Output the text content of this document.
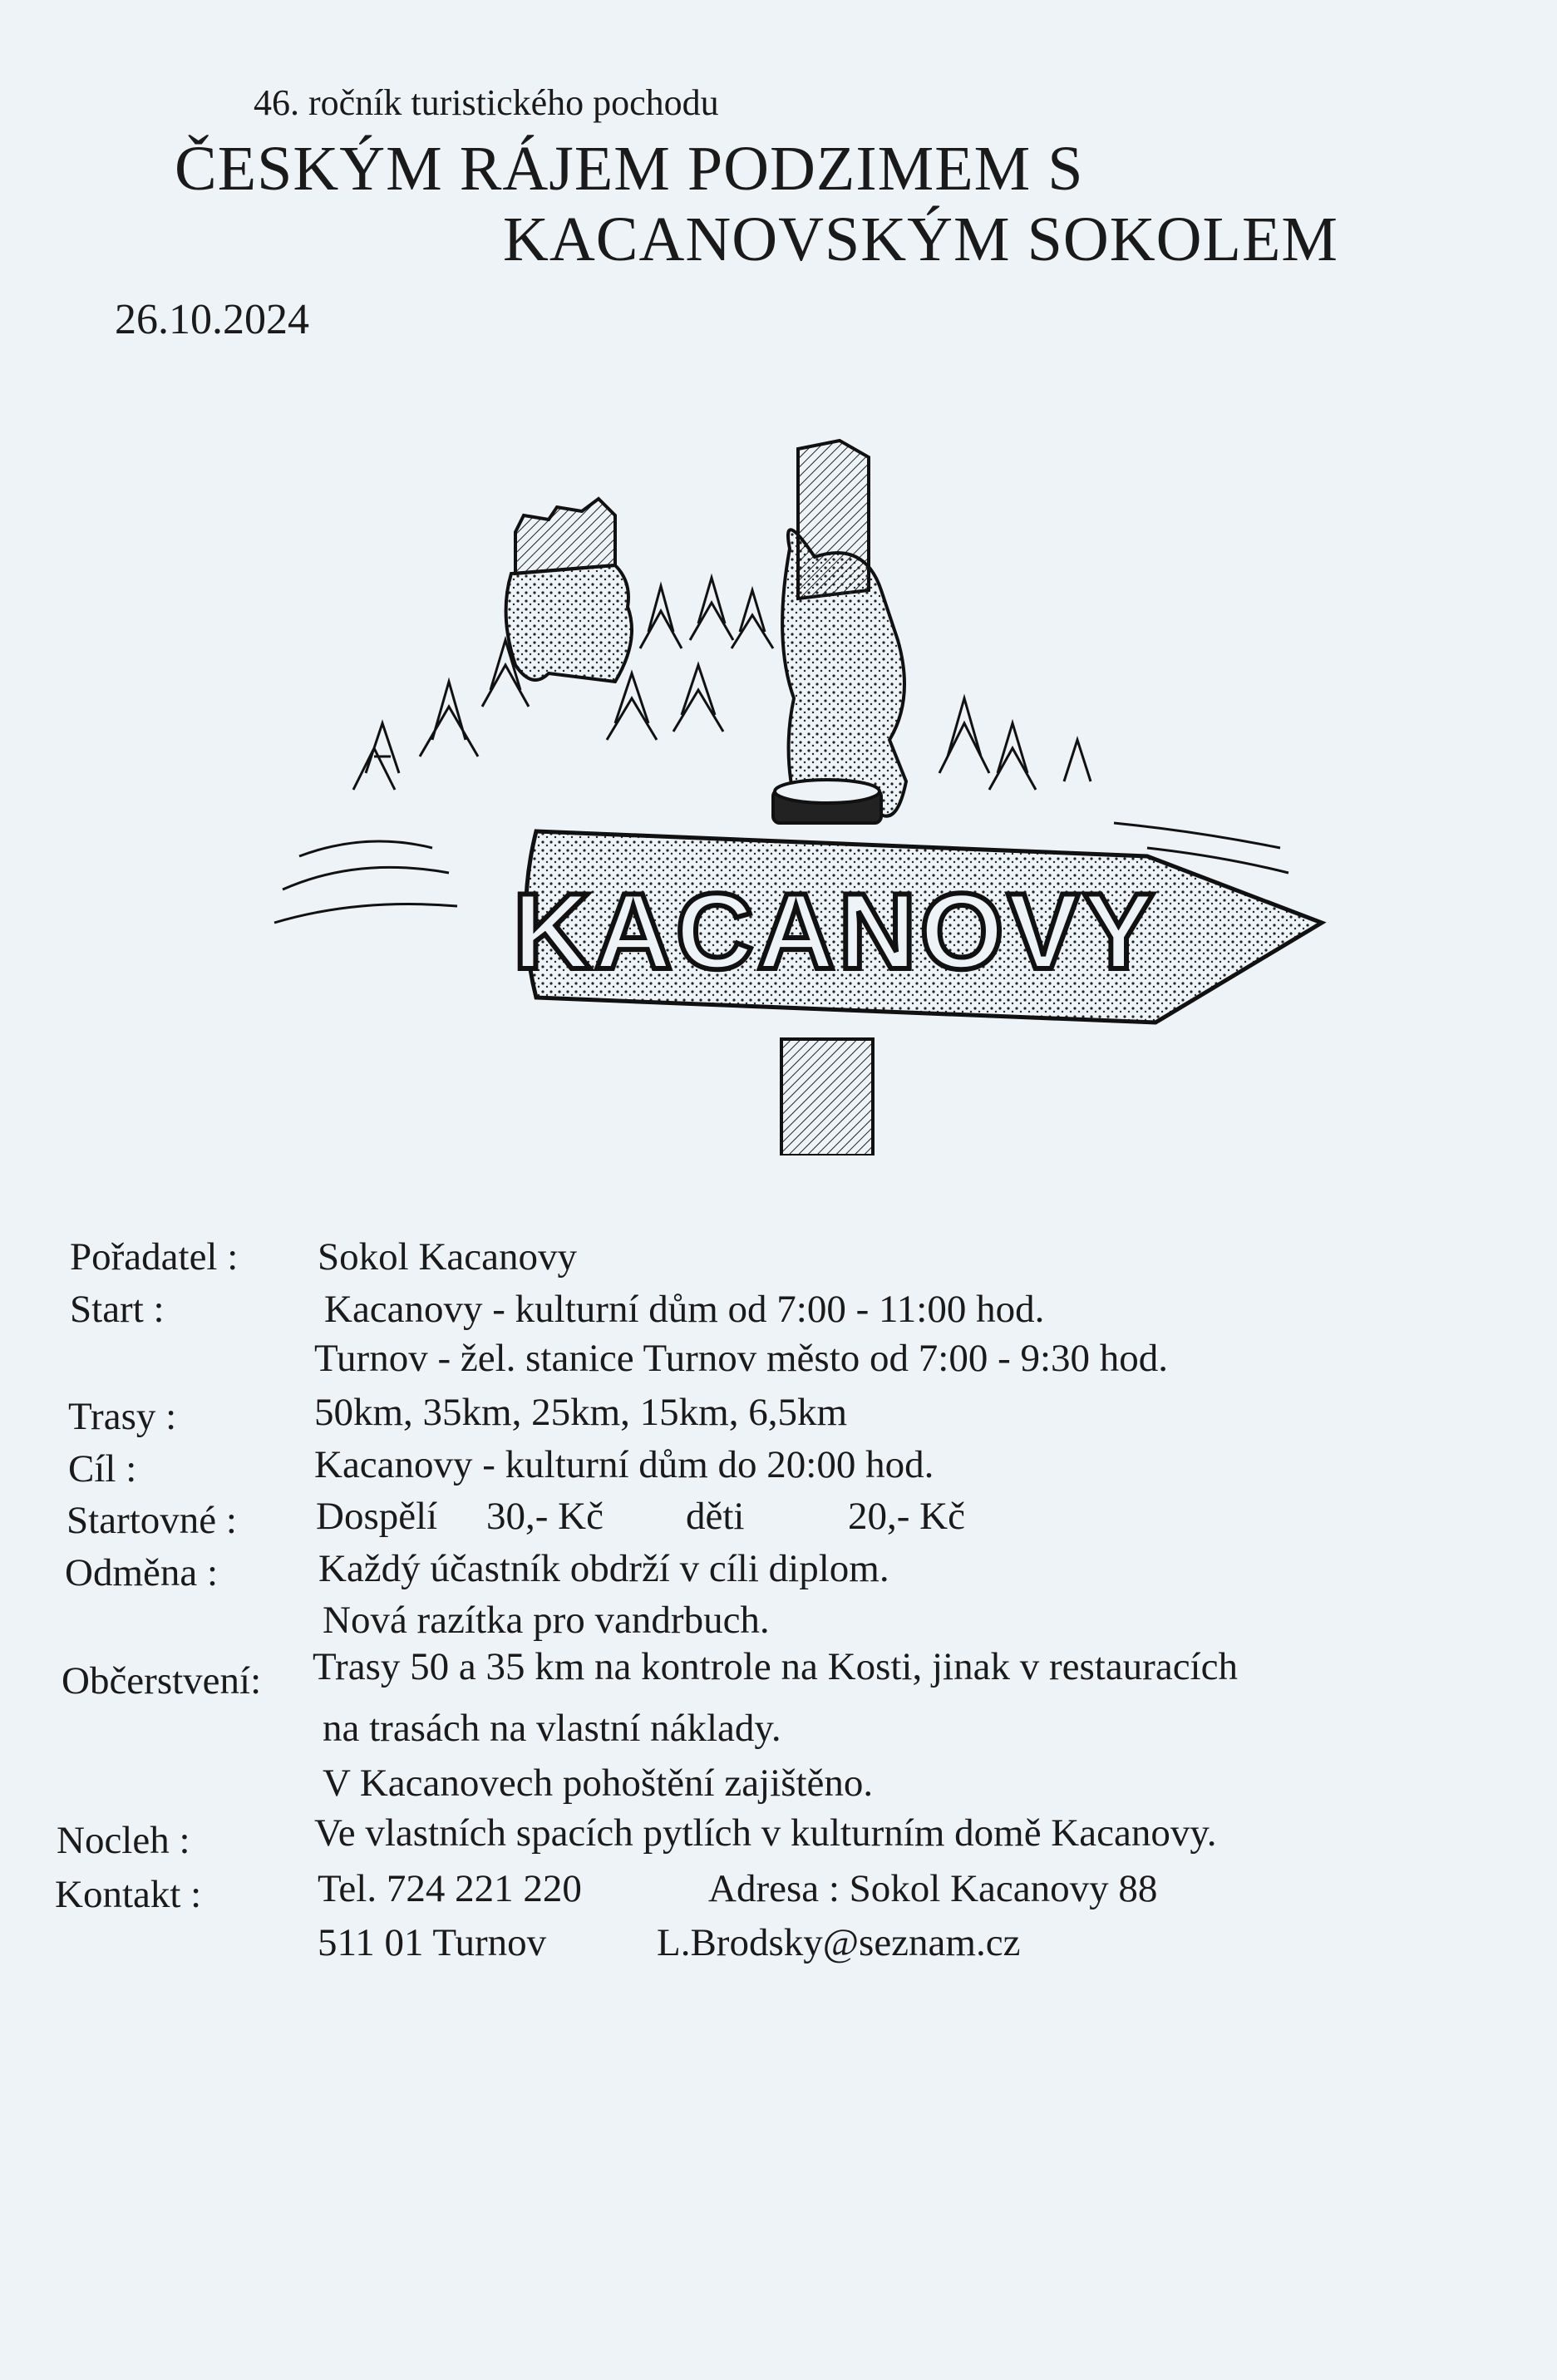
46. ročník turistického pochodu
ČESKÝM RÁJEM PODZIMEM S
KACANOVSKÝM SOKOLEM
26.10.2024
KACANOVY
Pořadatel : Sokol Kacanovy
Start :	Kacanovy - kulturní dům od 7:00 - 11:00 hod.
Turnov - žel. stanice Turnov město od 7:00 - 9:30 hod.
Trasy :	50km, 35km, 25km, 15km, 6,5km
Cíl :	Kacanovy - kulturní dům do 20:00 hod.
Startovné : Dospělí 30,- Kč děti	20,- Kč
Odměna :	Každý účastník obdrží v cíli diplom.
Nová razítka pro vandrbuch.
Občerstvení: Trasy 50 a 35 km na kontrole na Kosti, jinak v restauracích
na trasách na vlastní náklady.
V Kacanovech pohoštění zajištěno.
Nocleh :	Ve vlastních spacích pytlích v kulturním domě Kacanovy.
Kontakt :	Tel. 724 221 220	Adresa : Sokol Kacanovy 88
511 01 Turnov	L.Brodsky@seznam.cz
